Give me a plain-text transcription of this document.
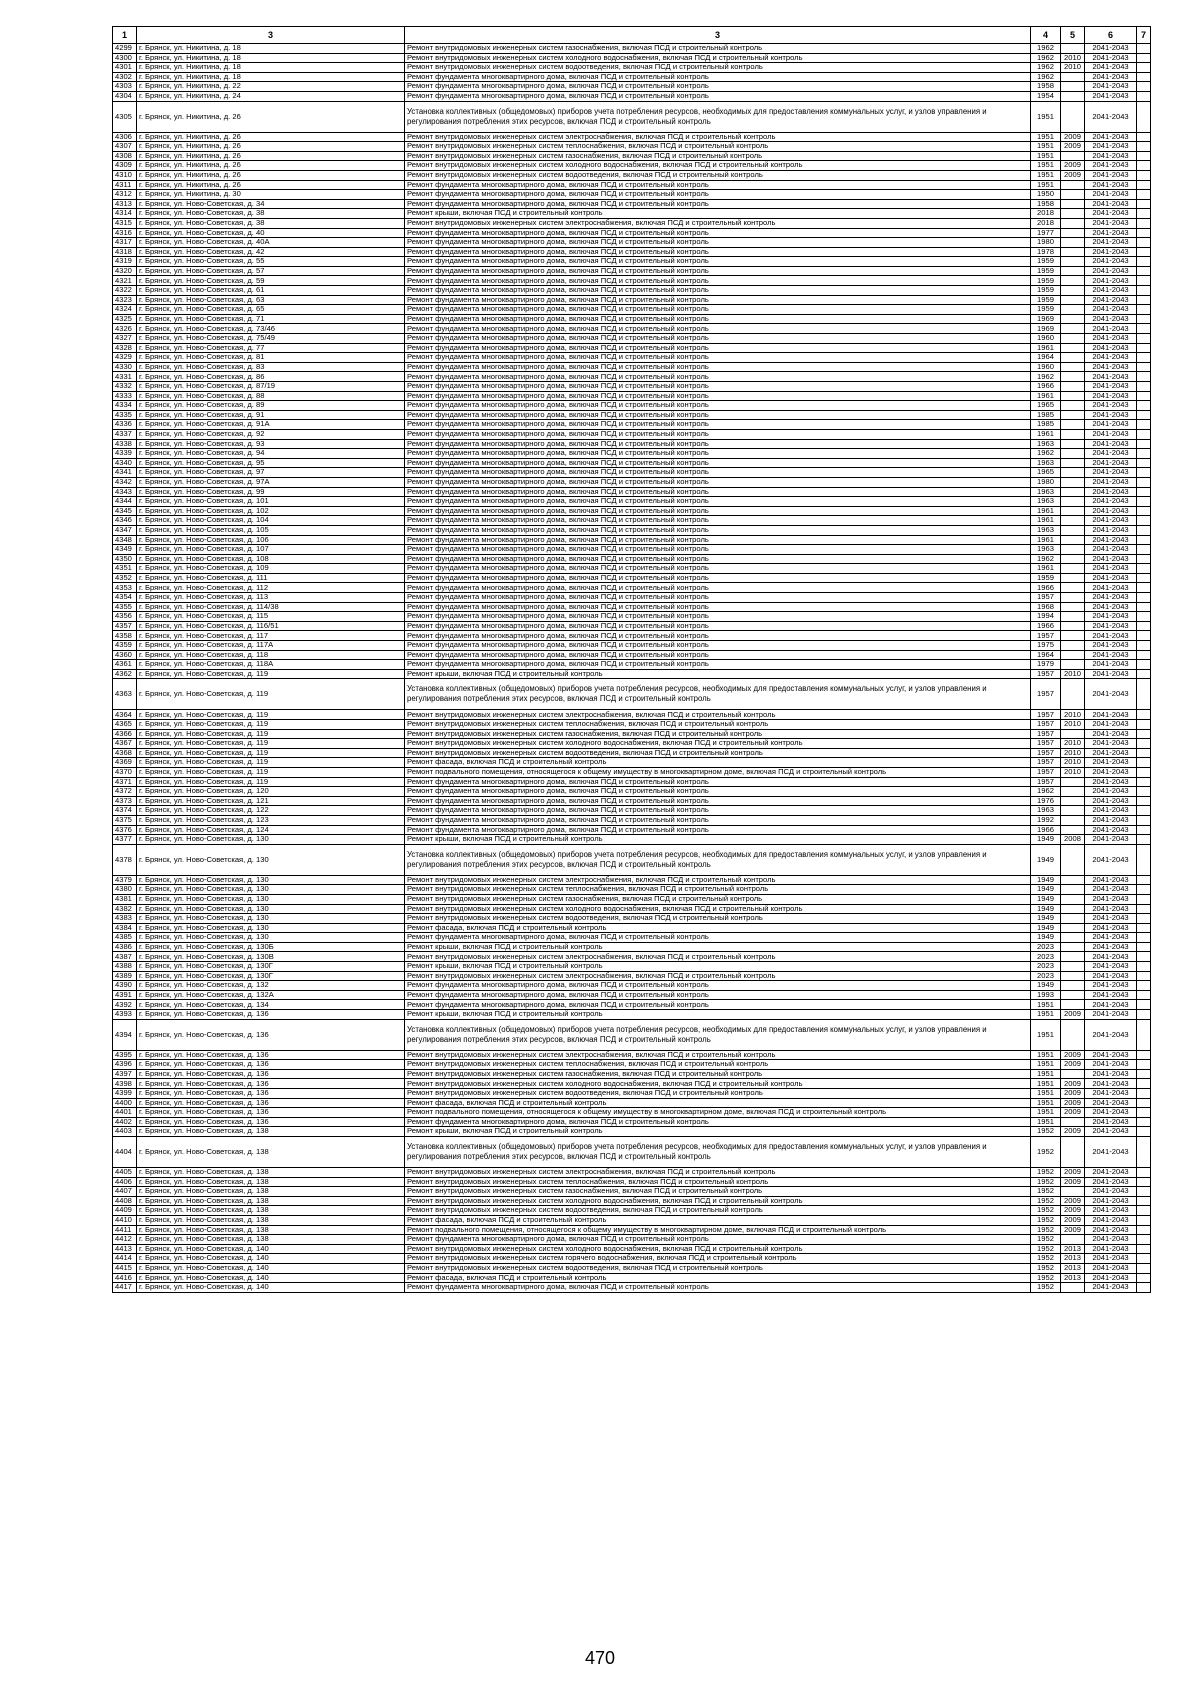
1	3	3	4	5	6	7
4299	г. Брянск, ул. Никитина, д. 18	Ремонт внутридомовых инженерных систем газоснабжения, включая ПСД и строительный контроль	1962		2041-2043	
4300	г. Брянск, ул. Никитина, д. 18	Ремонт внутридомовых инженерных систем холодного водоснабжения, включая ПСД и строительный контроль	1962	2010	2041-2043	
4301	г. Брянск, ул. Никитина, д. 18	Ремонт внутридомовых инженерных систем водоотведения, включая ПСД и строительный контроль	1962	2010	2041-2043	
4302	г. Брянск, ул. Никитина, д. 18	Ремонт фундамента многоквартирного дома, включая ПСД и строительный контроль	1962		2041-2043	
4303	г. Брянск, ул. Никитина, д. 22	Ремонт фундамента многоквартирного дома, включая ПСД и строительный контроль	1958		2041-2043	
4304	г. Брянск, ул. Никитина, д. 24	Ремонт фундамента многоквартирного дома, включая ПСД и строительный контроль	1954		2041-2043	
4305	г. Брянск, ул. Никитина, д. 26	Установка коллективных (общедомовых) приборов учета потребления ресурсов, необходимых для предоставления коммунальных услуг, и узлов управления и регулирования потребления этих ресурсов, включая ПСД и строительный контроль	1951		2041-2043	
4306	г. Брянск, ул. Никитина, д. 26	Ремонт внутридомовых инженерных систем электроснабжения, включая ПСД и строительный контроль	1951	2009	2041-2043	
4307	г. Брянск, ул. Никитина, д. 26	Ремонт внутридомовых инженерных систем теплоснабжения, включая ПСД и строительный контроль	1951	2009	2041-2043	
4308	г. Брянск, ул. Никитина, д. 26	Ремонт внутридомовых инженерных систем газоснабжения, включая ПСД и строительный контроль	1951		2041-2043	
4309	г. Брянск, ул. Никитина, д. 26	Ремонт внутридомовых инженерных систем холодного водоснабжения, включая ПСД и строительный контроль	1951	2009	2041-2043	
4310	г. Брянск, ул. Никитина, д. 26	Ремонт внутридомовых инженерных систем водоотведения, включая ПСД и строительный контроль	1951	2009	2041-2043	
4311	г. Брянск, ул. Никитина, д. 26	Ремонт фундамента многоквартирного дома, включая ПСД и строительный контроль	1951		2041-2043	
4312	г. Брянск, ул. Никитина, д. 30	Ремонт фундамента многоквартирного дома, включая ПСД и строительный контроль	1950		2041-2043	
4313	г. Брянск, ул. Ново-Советская, д. 34	Ремонт фундамента многоквартирного дома, включая ПСД и строительный контроль	1958		2041-2043	
4314	г. Брянск, ул. Ново-Советская, д. 38	Ремонт крыши, включая ПСД и строительный контроль	2018		2041-2043	
4315	г. Брянск, ул. Ново-Советская, д. 38	Ремонт внутридомовых инженерных систем электроснабжения, включая ПСД и строительный контроль	2018		2041-2043	
4316	г. Брянск, ул. Ново-Советская, д. 40	Ремонт фундамента многоквартирного дома, включая ПСД и строительный контроль	1977		2041-2043	
4317	г. Брянск, ул. Ново-Советская, д. 40А	Ремонт фундамента многоквартирного дома, включая ПСД и строительный контроль	1980		2041-2043	
4318	г. Брянск, ул. Ново-Советская, д. 42	Ремонт фундамента многоквартирного дома, включая ПСД и строительный контроль	1978		2041-2043	
4319	г. Брянск, ул. Ново-Советская, д. 55	Ремонт фундамента многоквартирного дома, включая ПСД и строительный контроль	1959		2041-2043	
4320	г. Брянск, ул. Ново-Советская, д. 57	Ремонт фундамента многоквартирного дома, включая ПСД и строительный контроль	1959		2041-2043	
4321	г. Брянск, ул. Ново-Советская, д. 59	Ремонт фундамента многоквартирного дома, включая ПСД и строительный контроль	1959		2041-2043	
4322	г. Брянск, ул. Ново-Советская, д. 61	Ремонт фундамента многоквартирного дома, включая ПСД и строительный контроль	1959		2041-2043	
4323	г. Брянск, ул. Ново-Советская, д. 63	Ремонт фундамента многоквартирного дома, включая ПСД и строительный контроль	1959		2041-2043	
4324	г. Брянск, ул. Ново-Советская, д. 65	Ремонт фундамента многоквартирного дома, включая ПСД и строительный контроль	1959		2041-2043	
4325	г. Брянск, ул. Ново-Советская, д. 71	Ремонт фундамента многоквартирного дома, включая ПСД и строительный контроль	1969		2041-2043	
4326	г. Брянск, ул. Ново-Советская, д. 73/46	Ремонт фундамента многоквартирного дома, включая ПСД и строительный контроль	1969		2041-2043	
4327	г. Брянск, ул. Ново-Советская, д. 75/49	Ремонт фундамента многоквартирного дома, включая ПСД и строительный контроль	1960		2041-2043	
4328	г. Брянск, ул. Ново-Советская, д. 77	Ремонт фундамента многоквартирного дома, включая ПСД и строительный контроль	1961		2041-2043	
4329	г. Брянск, ул. Ново-Советская, д. 81	Ремонт фундамента многоквартирного дома, включая ПСД и строительный контроль	1964		2041-2043	
4330	г. Брянск, ул. Ново-Советская, д. 83	Ремонт фундамента многоквартирного дома, включая ПСД и строительный контроль	1960		2041-2043	
4331	г. Брянск, ул. Ново-Советская, д. 86	Ремонт фундамента многоквартирного дома, включая ПСД и строительный контроль	1962		2041-2043	
4332	г. Брянск, ул. Ново-Советская, д. 87/19	Ремонт фундамента многоквартирного дома, включая ПСД и строительный контроль	1966		2041-2043	
4333	г. Брянск, ул. Ново-Советская, д. 88	Ремонт фундамента многоквартирного дома, включая ПСД и строительный контроль	1961		2041-2043	
4334	г. Брянск, ул. Ново-Советская, д. 89	Ремонт фундамента многоквартирного дома, включая ПСД и строительный контроль	1965		2041-2043	
4335	г. Брянск, ул. Ново-Советская, д. 91	Ремонт фундамента многоквартирного дома, включая ПСД и строительный контроль	1985		2041-2043	
4336	г. Брянск, ул. Ново-Советская, д. 91А	Ремонт фундамента многоквартирного дома, включая ПСД и строительный контроль	1985		2041-2043	
4337	г. Брянск, ул. Ново-Советская, д. 92	Ремонт фундамента многоквартирного дома, включая ПСД и строительный контроль	1961		2041-2043	
4338	г. Брянск, ул. Ново-Советская, д. 93	Ремонт фундамента многоквартирного дома, включая ПСД и строительный контроль	1963		2041-2043	
4339	г. Брянск, ул. Ново-Советская, д. 94	Ремонт фундамента многоквартирного дома, включая ПСД и строительный контроль	1962		2041-2043	
4340	г. Брянск, ул. Ново-Советская, д. 95	Ремонт фундамента многоквартирного дома, включая ПСД и строительный контроль	1963		2041-2043	
4341	г. Брянск, ул. Ново-Советская, д. 97	Ремонт фундамента многоквартирного дома, включая ПСД и строительный контроль	1965		2041-2043	
4342	г. Брянск, ул. Ново-Советская, д. 97А	Ремонт фундамента многоквартирного дома, включая ПСД и строительный контроль	1980		2041-2043	
4343	г. Брянск, ул. Ново-Советская, д. 99	Ремонт фундамента многоквартирного дома, включая ПСД и строительный контроль	1963		2041-2043	
4344	г. Брянск, ул. Ново-Советская, д. 101	Ремонт фундамента многоквартирного дома, включая ПСД и строительный контроль	1963		2041-2043	
4345	г. Брянск, ул. Ново-Советская, д. 102	Ремонт фундамента многоквартирного дома, включая ПСД и строительный контроль	1961		2041-2043	
4346	г. Брянск, ул. Ново-Советская, д. 104	Ремонт фундамента многоквартирного дома, включая ПСД и строительный контроль	1961		2041-2043	
4347	г. Брянск, ул. Ново-Советская, д. 105	Ремонт фундамента многоквартирного дома, включая ПСД и строительный контроль	1963		2041-2043	
4348	г. Брянск, ул. Ново-Советская, д. 106	Ремонт фундамента многоквартирного дома, включая ПСД и строительный контроль	1961		2041-2043	
4349	г. Брянск, ул. Ново-Советская, д. 107	Ремонт фундамента многоквартирного дома, включая ПСД и строительный контроль	1963		2041-2043	
4350	г. Брянск, ул. Ново-Советская, д. 108	Ремонт фундамента многоквартирного дома, включая ПСД и строительный контроль	1962		2041-2043	
4351	г. Брянск, ул. Ново-Советская, д. 109	Ремонт фундамента многоквартирного дома, включая ПСД и строительный контроль	1961		2041-2043	
4352	г. Брянск, ул. Ново-Советская, д. 111	Ремонт фундамента многоквартирного дома, включая ПСД и строительный контроль	1959		2041-2043	
4353	г. Брянск, ул. Ново-Советская, д. 112	Ремонт фундамента многоквартирного дома, включая ПСД и строительный контроль	1966		2041-2043	
4354	г. Брянск, ул. Ново-Советская, д. 113	Ремонт фундамента многоквартирного дома, включая ПСД и строительный контроль	1957		2041-2043	
4355	г. Брянск, ул. Ново-Советская, д. 114/38	Ремонт фундамента многоквартирного дома, включая ПСД и строительный контроль	1968		2041-2043	
4356	г. Брянск, ул. Ново-Советская, д. 115	Ремонт фундамента многоквартирного дома, включая ПСД и строительный контроль	1994		2041-2043	
4357	г. Брянск, ул. Ново-Советская, д. 116/51	Ремонт фундамента многоквартирного дома, включая ПСД и строительный контроль	1966		2041-2043	
4358	г. Брянск, ул. Ново-Советская, д. 117	Ремонт фундамента многоквартирного дома, включая ПСД и строительный контроль	1957		2041-2043	
4359	г. Брянск, ул. Ново-Советская, д. 117А	Ремонт фундамента многоквартирного дома, включая ПСД и строительный контроль	1975		2041-2043	
4360	г. Брянск, ул. Ново-Советская, д. 118	Ремонт фундамента многоквартирного дома, включая ПСД и строительный контроль	1964		2041-2043	
4361	г. Брянск, ул. Ново-Советская, д. 118А	Ремонт фундамента многоквартирного дома, включая ПСД и строительный контроль	1979		2041-2043	
4362	г. Брянск, ул. Ново-Советская, д. 119	Ремонт крыши, включая ПСД и строительный контроль	1957	2010	2041-2043	
4363	г. Брянск, ул. Ново-Советская, д. 119	Установка коллективных (общедомовых) приборов учета потребления ресурсов, необходимых для предоставления коммунальных услуг, и узлов управления и регулирования потребления этих ресурсов, включая ПСД и строительный контроль	1957		2041-2043	
4364	г. Брянск, ул. Ново-Советская, д. 119	Ремонт внутридомовых инженерных систем электроснабжения, включая ПСД и строительный контроль	1957	2010	2041-2043	
4365	г. Брянск, ул. Ново-Советская, д. 119	Ремонт внутридомовых инженерных систем теплоснабжения, включая ПСД и строительный контроль	1957	2010	2041-2043	
4366	г. Брянск, ул. Ново-Советская, д. 119	Ремонт внутридомовых инженерных систем газоснабжения, включая ПСД и строительный контроль	1957		2041-2043	
4367	г. Брянск, ул. Ново-Советская, д. 119	Ремонт внутридомовых инженерных систем холодного водоснабжения, включая ПСД и строительный контроль	1957	2010	2041-2043	
4368	г. Брянск, ул. Ново-Советская, д. 119	Ремонт внутридомовых инженерных систем водоотведения, включая ПСД и строительный контроль	1957	2010	2041-2043	
4369	г. Брянск, ул. Ново-Советская, д. 119	Ремонт фасада, включая ПСД и строительный контроль	1957	2010	2041-2043	
4370	г. Брянск, ул. Ново-Советская, д. 119	Ремонт подвального помещения, относящегося к общему имуществу в многоквартирном доме, включая ПСД и строительный контроль	1957	2010	2041-2043	
4371	г. Брянск, ул. Ново-Советская, д. 119	Ремонт фундамента многоквартирного дома, включая ПСД и строительный контроль	1957		2041-2043	
4372	г. Брянск, ул. Ново-Советская, д. 120	Ремонт фундамента многоквартирного дома, включая ПСД и строительный контроль	1962		2041-2043	
4373	г. Брянск, ул. Ново-Советская, д. 121	Ремонт фундамента многоквартирного дома, включая ПСД и строительный контроль	1976		2041-2043	
4374	г. Брянск, ул. Ново-Советская, д. 122	Ремонт фундамента многоквартирного дома, включая ПСД и строительный контроль	1963		2041-2043	
4375	г. Брянск, ул. Ново-Советская, д. 123	Ремонт фундамента многоквартирного дома, включая ПСД и строительный контроль	1992		2041-2043	
4376	г. Брянск, ул. Ново-Советская, д. 124	Ремонт фундамента многоквартирного дома, включая ПСД и строительный контроль	1966		2041-2043	
4377	г. Брянск, ул. Ново-Советская, д. 130	Ремонт крыши, включая ПСД и строительный контроль	1949	2008	2041-2043	
4378	г. Брянск, ул. Ново-Советская, д. 130	Установка коллективных (общедомовых) приборов учета потребления ресурсов, необходимых для предоставления коммунальных услуг, и узлов управления и регулирования потребления этих ресурсов, включая ПСД и строительный контроль	1949		2041-2043	
4379	г. Брянск, ул. Ново-Советская, д. 130	Ремонт внутридомовых инженерных систем электроснабжения, включая ПСД и строительный контроль	1949		2041-2043	
4380	г. Брянск, ул. Ново-Советская, д. 130	Ремонт внутридомовых инженерных систем теплоснабжения, включая ПСД и строительный контроль	1949		2041-2043	
4381	г. Брянск, ул. Ново-Советская, д. 130	Ремонт внутридомовых инженерных систем газоснабжения, включая ПСД и строительный контроль	1949		2041-2043	
4382	г. Брянск, ул. Ново-Советская, д. 130	Ремонт внутридомовых инженерных систем холодного водоснабжения, включая ПСД и строительный контроль	1949		2041-2043	
4383	г. Брянск, ул. Ново-Советская, д. 130	Ремонт внутридомовых инженерных систем водоотведения, включая ПСД и строительный контроль	1949		2041-2043	
4384	г. Брянск, ул. Ново-Советская, д. 130	Ремонт фасада, включая ПСД и строительный контроль	1949		2041-2043	
4385	г. Брянск, ул. Ново-Советская, д. 130	Ремонт фундамента многоквартирного дома, включая ПСД и строительный контроль	1949		2041-2043	
4386	г. Брянск, ул. Ново-Советская, д. 130Б	Ремонт крыши, включая ПСД и строительный контроль	2023		2041-2043	
4387	г. Брянск, ул. Ново-Советская, д. 130В	Ремонт внутридомовых инженерных систем электроснабжения, включая ПСД и строительный контроль	2023		2041-2043	
4388	г. Брянск, ул. Ново-Советская, д. 130Г	Ремонт крыши, включая ПСД и строительный контроль	2023		2041-2043	
4389	г. Брянск, ул. Ново-Советская, д. 130Г	Ремонт внутридомовых инженерных систем электроснабжения, включая ПСД и строительный контроль	2023		2041-2043	
4390	г. Брянск, ул. Ново-Советская, д. 132	Ремонт фундамента многоквартирного дома, включая ПСД и строительный контроль	1949		2041-2043	
4391	г. Брянск, ул. Ново-Советская, д. 132А	Ремонт фундамента многоквартирного дома, включая ПСД и строительный контроль	1993		2041-2043	
4392	г. Брянск, ул. Ново-Советская, д. 134	Ремонт фундамента многоквартирного дома, включая ПСД и строительный контроль	1951		2041-2043	
4393	г. Брянск, ул. Ново-Советская, д. 136	Ремонт крыши, включая ПСД и строительный контроль	1951	2009	2041-2043	
4394	г. Брянск, ул. Ново-Советская, д. 136	Установка коллективных (общедомовых) приборов учета потребления ресурсов, необходимых для предоставления коммунальных услуг, и узлов управления и регулирования потребления этих ресурсов, включая ПСД и строительный контроль	1951		2041-2043	
4395	г. Брянск, ул. Ново-Советская, д. 136	Ремонт внутридомовых инженерных систем электроснабжения, включая ПСД и строительный контроль	1951	2009	2041-2043	
4396	г. Брянск, ул. Ново-Советская, д. 136	Ремонт внутридомовых инженерных систем теплоснабжения, включая ПСД и строительный контроль	1951	2009	2041-2043	
4397	г. Брянск, ул. Ново-Советская, д. 136	Ремонт внутридомовых инженерных систем газоснабжения, включая ПСД и строительный контроль	1951		2041-2043	
4398	г. Брянск, ул. Ново-Советская, д. 136	Ремонт внутридомовых инженерных систем холодного водоснабжения, включая ПСД и строительный контроль	1951	2009	2041-2043	
4399	г. Брянск, ул. Ново-Советская, д. 136	Ремонт внутридомовых инженерных систем водоотведения, включая ПСД и строительный контроль	1951	2009	2041-2043	
4400	г. Брянск, ул. Ново-Советская, д. 136	Ремонт фасада, включая ПСД и строительный контроль	1951	2009	2041-2043	
4401	г. Брянск, ул. Ново-Советская, д. 136	Ремонт подвального помещения, относящегося к общему имуществу в многоквартирном доме, включая ПСД и строительный контроль	1951	2009	2041-2043	
4402	г. Брянск, ул. Ново-Советская, д. 136	Ремонт фундамента многоквартирного дома, включая ПСД и строительный контроль	1951		2041-2043	
4403	г. Брянск, ул. Ново-Советская, д. 138	Ремонт крыши, включая ПСД и строительный контроль	1952	2009	2041-2043	
4404	г. Брянск, ул. Ново-Советская, д. 138	Установка коллективных (общедомовых) приборов учета потребления ресурсов, необходимых для предоставления коммунальных услуг, и узлов управления и регулирования потребления этих ресурсов, включая ПСД и строительный контроль	1952		2041-2043	
4405	г. Брянск, ул. Ново-Советская, д. 138	Ремонт внутридомовых инженерных систем электроснабжения, включая ПСД и строительный контроль	1952	2009	2041-2043	
4406	г. Брянск, ул. Ново-Советская, д. 138	Ремонт внутридомовых инженерных систем теплоснабжения, включая ПСД и строительный контроль	1952	2009	2041-2043	
4407	г. Брянск, ул. Ново-Советская, д. 138	Ремонт внутридомовых инженерных систем газоснабжения, включая ПСД и строительный контроль	1952		2041-2043	
4408	г. Брянск, ул. Ново-Советская, д. 138	Ремонт внутридомовых инженерных систем холодного водоснабжения, включая ПСД и строительный контроль	1952	2009	2041-2043	
4409	г. Брянск, ул. Ново-Советская, д. 138	Ремонт внутридомовых инженерных систем водоотведения, включая ПСД и строительный контроль	1952	2009	2041-2043	
4410	г. Брянск, ул. Ново-Советская, д. 138	Ремонт фасада, включая ПСД и строительный контроль	1952	2009	2041-2043	
4411	г. Брянск, ул. Ново-Советская, д. 138	Ремонт подвального помещения, относящегося к общему имуществу в многоквартирном доме, включая ПСД и строительный контроль	1952	2009	2041-2043	
4412	г. Брянск, ул. Ново-Советская, д. 138	Ремонт фундамента многоквартирного дома, включая ПСД и строительный контроль	1952		2041-2043	
4413	г. Брянск, ул. Ново-Советская, д. 140	Ремонт внутридомовых инженерных систем холодного водоснабжения, включая ПСД и строительный контроль	1952	2013	2041-2043	
4414	г. Брянск, ул. Ново-Советская, д. 140	Ремонт внутридомовых инженерных систем горячего водоснабжения, включая ПСД и строительный контроль	1952	2013	2041-2043	
4415	г. Брянск, ул. Ново-Советская, д. 140	Ремонт внутридомовых инженерных систем водоотведения, включая ПСД и строительный контроль	1952	2013	2041-2043	
4416	г. Брянск, ул. Ново-Советская, д. 140	Ремонт фасада, включая ПСД и строительный контроль	1952	2013	2041-2043	
4417	г. Брянск, ул. Ново-Советская, д. 140	Ремонт фундамента многоквартирного дома, включая ПСД и строительный контроль	1952		2041-2043	
470
